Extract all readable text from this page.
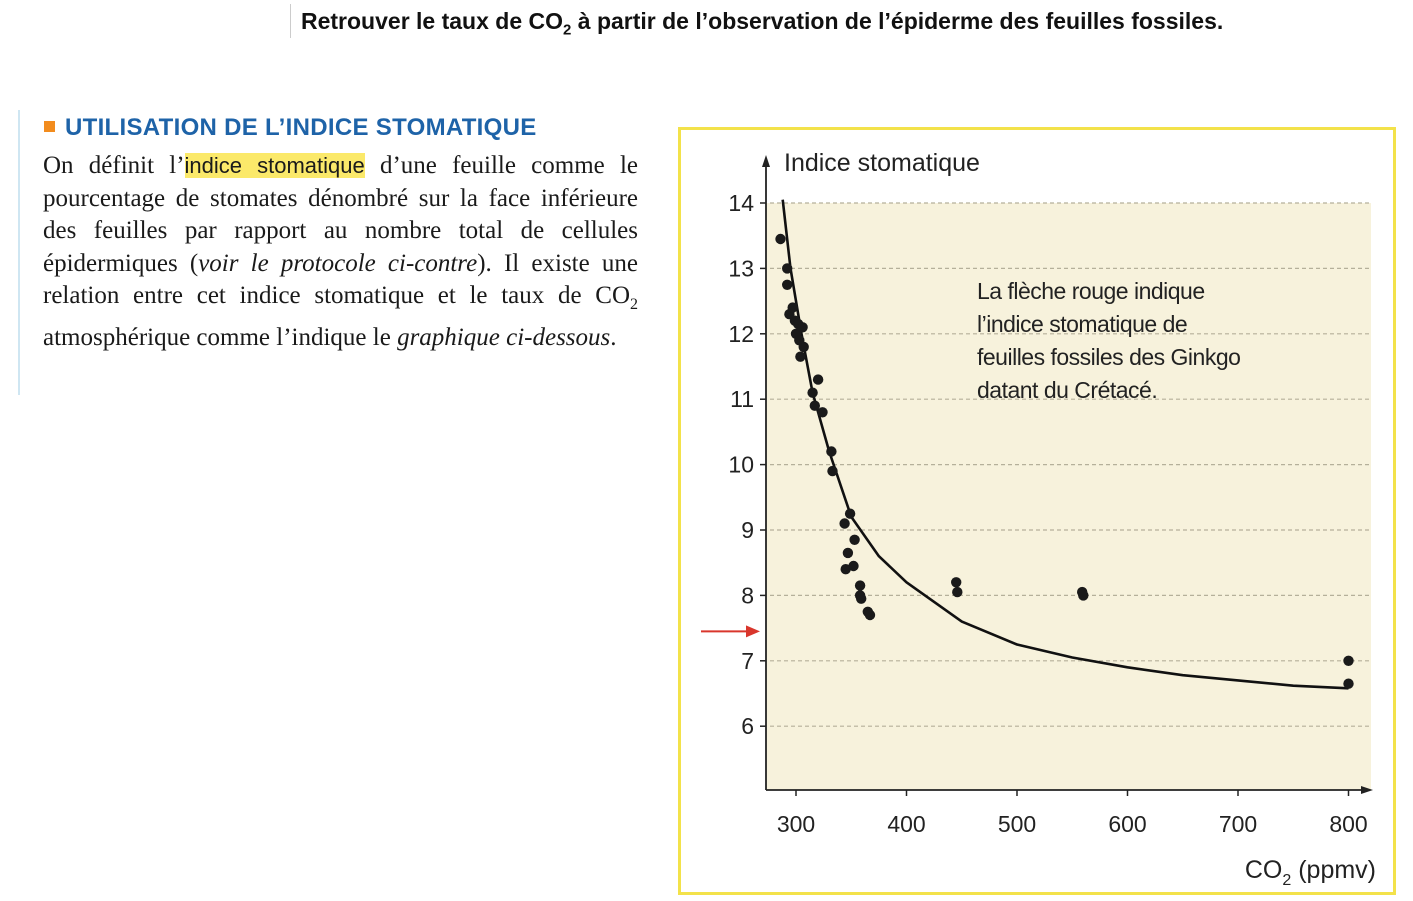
Retrouver le taux de $CO_2$ à partir de l’observation de l’épiderme des feuilles fossiles.
UTILISATION DE L’INDICE STOMATIQUE

On définit l’indice stomatique d’une feuille comme le pourcentage de stomates dénombré sur la face inférieure des feuilles par rapport au nombre total de cellules épidermiques (voir le protocole ci-contre). Il existe une relation entre cet indice stomatique et le taux de $CO_2$ atmosphérique comme l’indique le graphique ci-dessous.

6
7
8
9
10
11
12
13
14
300	400	500	600	700	800
Indice stomatique
$CO_2$ (ppmv)
La flèche rouge indique
l’indice stomatique de
feuilles fossiles des Ginkgo
datant du Crétacé.
